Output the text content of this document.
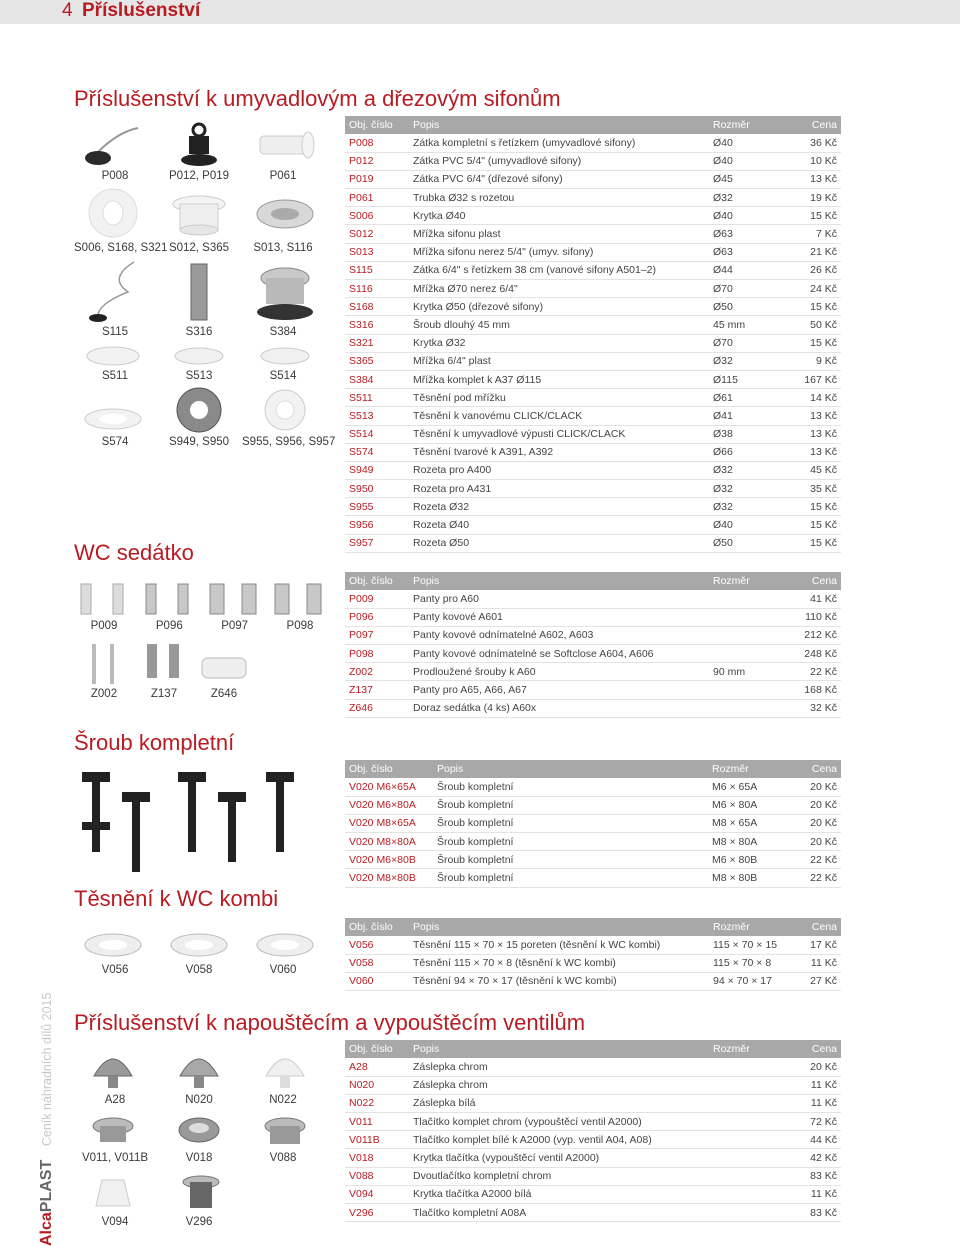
4 Příslušenství
AlcaPLAST Ceník náhradních dílů 2015
Příslušenství k umyvadlovým a dřezovým sifonům
WC sedátko
Šroub kompletní
Těsnění k WC kombi
Příslušenství k napouštěcím a vypouštěcím ventilům
P008	P012, P019	P061
S006, S168, S321 S012, S365	S013, S116
S115	S316	S384
S511	S513	S514
S574	S949, S950	S955, S956, S957
P009	P096	P097	P098
Z002	Z137	Z646
V056	V058	V060
A28	N020	N022
V011, V011B	V018	V088
V094	V296
Obj. číslo	Popis	Rozměr	Cena
P008	Zátka kompletní s řetízkem (umyvadlové sifony)	Ø40	36 Kč
P012	Zátka PVC 5/4" (umyvadlové sifony)	Ø40	10 Kč
P019	Zátka PVC 6/4" (dřezové sifony)	Ø45	13 Kč
P061	Trubka Ø32 s rozetou	Ø32	19 Kč
S006	Krytka Ø40	Ø40	15 Kč
S012	Mřížka sifonu plast	Ø63	7 Kč
S013	Mřížka sifonu nerez 5/4" (umyv. sifony)	Ø63	21 Kč
S115	Zátka 6/4" s řetízkem 38 cm (vanové sifony A501–2)	Ø44	26 Kč
S116	Mřížka Ø70 nerez 6/4"	Ø70	24 Kč
S168	Krytka Ø50 (dřezové sifony)	Ø50	15 Kč
S316	Šroub dlouhý 45 mm	45 mm	50 Kč
S321	Krytka Ø32	Ø70	15 Kč
S365	Mřížka 6/4" plast	Ø32	9 Kč
S384	Mřížka komplet k A37 Ø115	Ø115	167 Kč
S511	Těsnění pod mřížku	Ø61	14 Kč
S513	Těsnění k vanovému CLICK/CLACK	Ø41	13 Kč
S514	Těsnění k umyvadlové výpusti CLICK/CLACK	Ø38	13 Kč
S574	Těsnění tvarové k A391, A392	Ø66	13 Kč
S949	Rozeta pro A400	Ø32	45 Kč
S950	Rozeta pro A431	Ø32	35 Kč
S955	Rozeta Ø32	Ø32	15 Kč
S956	Rozeta Ø40	Ø40	15 Kč
S957	Rozeta Ø50	Ø50	15 Kč
Obj. číslo	Popis	Rozměr	Cena
P009	Panty pro A60		41 Kč
P096	Panty kovové A601		110 Kč
P097	Panty kovové odnímatelné A602, A603		212 Kč
P098	Panty kovové odnímatelné se Softclose A604, A606		248 Kč
Z002	Prodloužené šrouby k A60	90 mm	22 Kč
Z137	Panty pro A65, A66, A67		168 Kč
Z646	Doraz sedátka (4 ks) A60x		32 Kč
Obj. číslo	Popis	Rozměr	Cena
V020 M6×65A	Šroub kompletní	M6 × 65A	20 Kč
V020 M6×80A	Šroub kompletní	M6 × 80A	20 Kč
V020 M8×65A	Šroub kompletní	M8 × 65A	20 Kč
V020 M8×80A	Šroub kompletní	M8 × 80A	20 Kč
V020 M6×80B	Šroub kompletní	M6 × 80B	22 Kč
V020 M8×80B	Šroub kompletní	M8 × 80B	22 Kč
Obj. číslo	Popis	Rozměr	Cena
V056	Těsnění 115 × 70 × 15 poreten (těsnění k WC kombi)	115 × 70 × 15	17 Kč
V058	Těsnění 115 × 70 × 8 (těsnění k WC kombi)	115 × 70 × 8	11 Kč
V060	Těsnění 94 × 70 × 17 (těsnění k WC kombi)	94 × 70 × 17	27 Kč
Obj. číslo	Popis	Rozměr	Cena
A28	Záslepka chrom		20 Kč
N020	Záslepka chrom		11 Kč
N022	Záslepka bílá		11 Kč
V011	Tlačítko komplet chrom (vypouštěcí ventil A2000)		72 Kč
V011B	Tlačítko komplet bílé k A2000 (vyp. ventil A04, A08)		44 Kč
V018	Krytka tlačítka (vypouštěcí ventil A2000)		42 Kč
V088	Dvoutlačítko kompletní chrom		83 Kč
V094	Krytka tlačítka A2000 bílá		11 Kč
V296	Tlačítko kompletní A08A		83 Kč
